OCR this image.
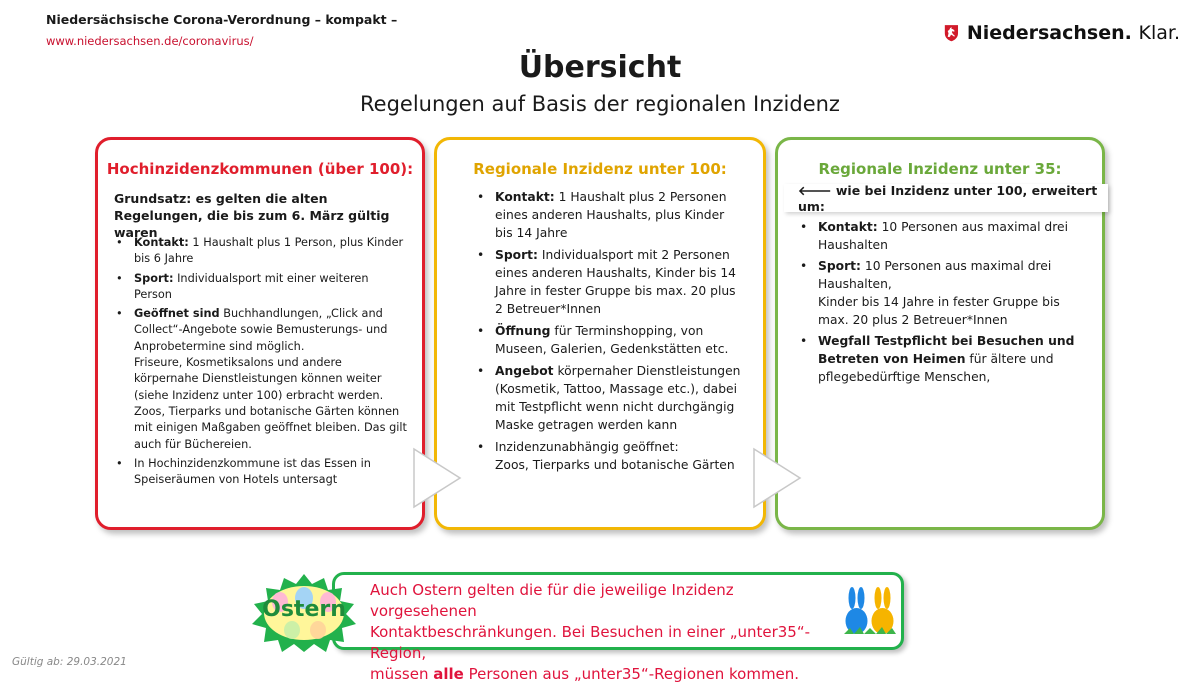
Niedersächsische Corona-Verordnung – kompakt –
www.niedersachsen.de/coronavirus/	Niedersachsen. Klar.
Übersicht
Regelungen auf Basis der regionalen Inzidenz
Hochinzidenzkommunen (über 100):
Grundsatz: es gelten die alten Regelungen, die bis zum 6. März gültig waren
• Kontakt: 1 Haushalt plus 1 Person, plus Kinder bis 6 Jahre
• Sport: Individualsport mit einer weiteren Person
• Geöffnet sind Buchhandlungen, „Click and Collect“-Angebote sowie Bemusterungs- und Anprobetermine sind möglich.
Friseure, Kosmetiksalons und andere körpernahe Dienstleistungen können weiter (siehe Inzidenz unter 100) erbracht werden. Zoos, Tierparks und botanische Gärten können mit einigen Maßgaben geöffnet bleiben. Das gilt auch für Büchereien.
• In Hochinzidenzkommune ist das Essen in Speiseräumen von Hotels untersagt
Regionale Inzidenz unter 100:
• Kontakt: 1 Haushalt plus 2 Personen eines anderen Haushalts, plus Kinder bis 14 Jahre
• Sport: Individualsport mit 2 Personen eines anderen Haushalts, Kinder bis 14 Jahre in fester Gruppe bis max. 20 plus 2 Betreuer*Innen
• Öffnung für Terminshopping, von Museen, Galerien, Gedenkstätten etc.
• Angebot körpernaher Dienstleistungen (Kosmetik, Tattoo, Massage etc.), dabei mit Testpflicht wenn nicht durchgängig Maske getragen werden kann
• Inzidenzunabhängig geöffnet:
Zoos, Tierparks und botanische Gärten
Regionale Inzidenz unter 35:
🡐 wie bei Inzidenz unter 100, erweitert um:
• Kontakt: 10 Personen aus maximal drei Haushalten
• Sport: 10 Personen aus maximal drei Haushalten,
Kinder bis 14 Jahre in fester Gruppe bis max. 20 plus 2 Betreuer*Innen
• Wegfall Testpflicht bei Besuchen und Betreten von Heimen für ältere und pflegebedürftige Menschen,
Ostern
Auch Ostern gelten die für die jeweilige Inzidenz vorgesehenen
Kontaktbeschränkungen. Bei Besuchen in einer „unter35“-Region,
müssen alle Personen aus „unter35“-Regionen kommen.
Gültig ab: 29.03.2021
